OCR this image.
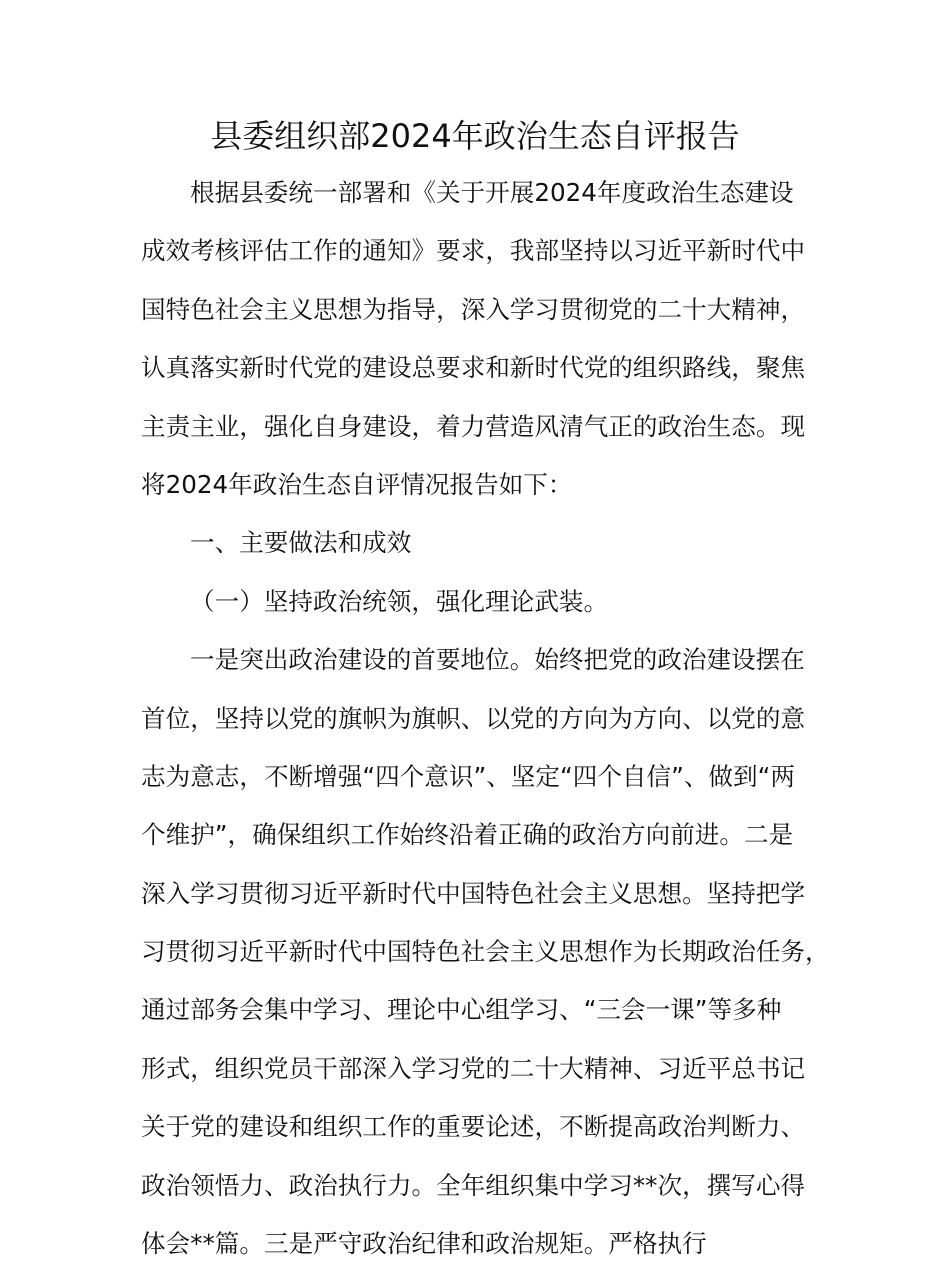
县委组织部2024年政治生态自评报告
根据县委统一部署和《关于开展2024年度政治生态建设
成效考核评估工作的通知》要求，我部坚持以习近平新时代中
国特色社会主义思想为指导，深入学习贯彻党的二十大精神，
认真落实新时代党的建设总要求和新时代党的组织路线，聚焦
主责主业，强化自身建设，着力营造风清气正的政治生态。现
将2024年政治生态自评情况报告如下：
一、主要做法和成效
（一）坚持政治统领，强化理论武装。
一是突出政治建设的首要地位。始终把党的政治建设摆在
首位，坚持以党的旗帜为旗帜、以党的方向为方向、以党的意
志为意志，不断增强“四个意识”、坚定“四个自信”、做到“两
个维护”，确保组织工作始终沿着正确的政治方向前进。二是
深入学习贯彻习近平新时代中国特色社会主义思想。坚持把学
习贯彻习近平新时代中国特色社会主义思想作为长期政治任务，
通过部务会集中学习、理论中心组学习、“三会一课”等多种
形式，组织党员干部深入学习党的二十大精神、习近平总书记
关于党的建设和组织工作的重要论述，不断提高政治判断力、
政治领悟力、政治执行力。全年组织集中学习**次，撰写心得
体会**篇。三是严守政治纪律和政治规矩。严格执行
